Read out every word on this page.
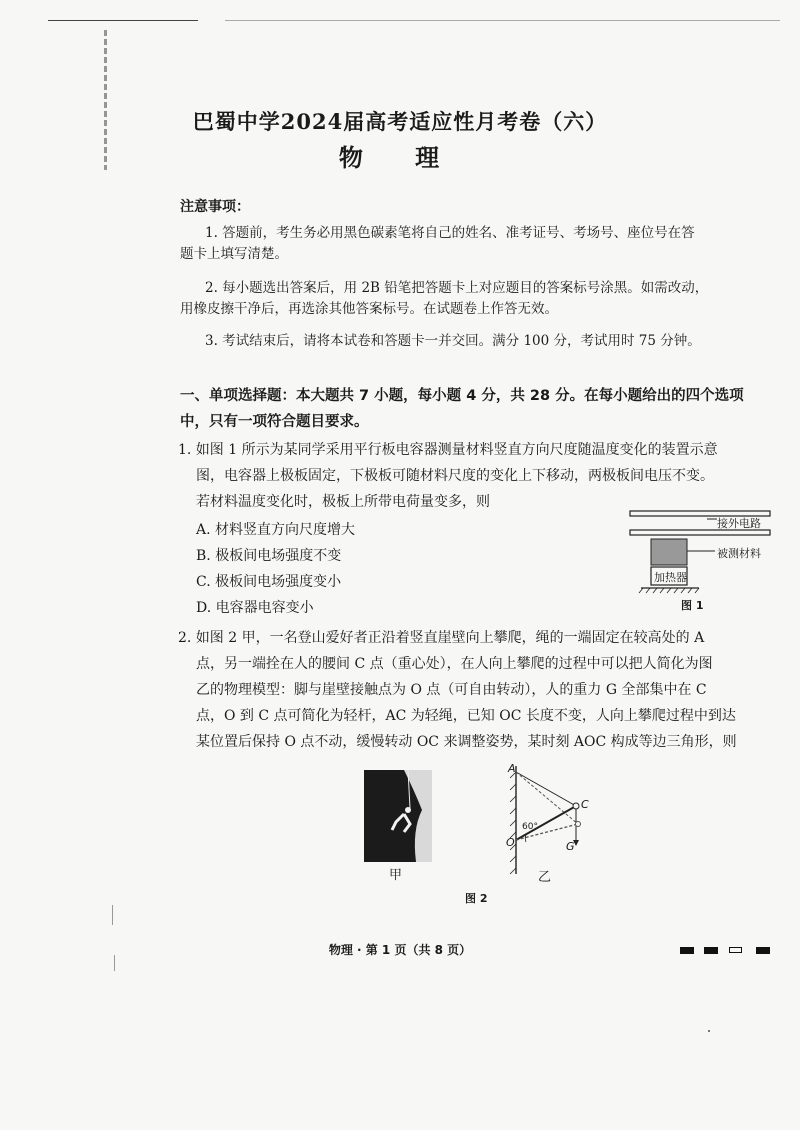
巴蜀中学2024届高考适应性月考卷（六）
物 理
注意事项：
1. 答题前，考生务必用黑色碳素笔将自己的姓名、准考证号、考场号、座位号在答
题卡上填写清楚。
2. 每小题选出答案后，用 2B 铅笔把答题卡上对应题目的答案标号涂黑。如需改动，
用橡皮擦干净后，再选涂其他答案标号。在试题卷上作答无效。
3. 考试结束后，请将本试卷和答题卡一并交回。满分 100 分，考试用时 75 分钟。
一、单项选择题：本大题共 7 小题，每小题 4 分，共 28 分。在每小题给出的四个选项
中，只有一项符合题目要求。
1. 如图 1 所示为某同学采用平行板电容器测量材料竖直方向尺度随温度变化的装置示意
图，电容器上极板固定，下极板可随材料尺度的变化上下移动，两极板间电压不变。
若材料温度变化时，极板上所带电荷量变多，则
A. 材料竖直方向尺度增大
B. 极板间电场强度不变
C. 极板间电场强度变小
D. 电容器电容变小
接外电路
被测材料
加热器
图 1
2. 如图 2 甲，一名登山爱好者正沿着竖直崖壁向上攀爬，绳的一端固定在较高处的 A
点，另一端拴在人的腰间 C 点（重心处），在人向上攀爬的过程中可以把人简化为图
乙的物理模型：脚与崖壁接触点为 O 点（可自由转动），人的重力 G 全部集中在 C
点，O 到 C 点可简化为轻杆，AC 为轻绳，已知 OC 长度不变，人向上攀爬过程中到达
某位置后保持 O 点不动，缓慢转动 OC 来调整姿势，某时刻 AOC 构成等边三角形，则
甲
A
C
O	G
60°
乙
图 2
物理 · 第 1 页（共 8 页）
